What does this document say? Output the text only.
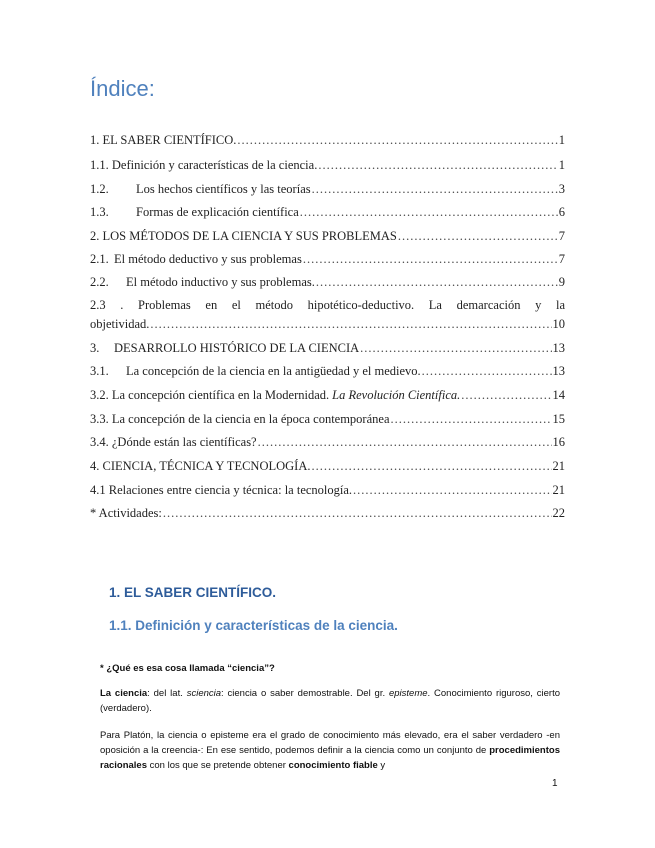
Índice:
1. EL SABER CIENTÍFICO. .....	1
1.1. Definición y características de la ciencia. .....	1
1.2.	Los hechos científicos y las teorías .....	3
1.3.	Formas de explicación científica .....	6
2. LOS MÉTODOS DE LA CIENCIA Y SUS PROBLEMAS .....	7
2.1. El método deductivo y sus problemas .....	7
2.2.	El método inductivo y sus problemas. .....	9
2.3 . Problemas en el método hipotético-deductivo. La demarcación y la
objetividad. .....	10
3.	DESARROLLO HISTÓRICO DE LA CIENCIA .....	13
3.1.	La concepción de la ciencia en la antigüedad y el medievo. .....	13
3.2. La concepción científica en la Modernidad. La Revolución Científica. .....	14
3.3. La concepción de la ciencia en la época contemporánea .....	15
3.4. ¿Dónde están las científicas? .....	16
4. CIENCIA, TÉCNICA Y TECNOLOGÍA. .....	21
4.1 Relaciones entre ciencia y técnica: la tecnología. .....	21
* Actividades: .....	22
1. EL SABER CIENTÍFICO.
1.1. Definición y características de la ciencia.
* ¿Qué es esa cosa llamada “ciencia”?
La ciencia: del lat. sciencia: ciencia o saber demostrable. Del gr. episteme. Conocimiento riguroso, cierto (verdadero).
Para Platón, la ciencia o episteme era el grado de conocimiento más elevado, era el saber verdadero -en oposición a la creencia-: En ese sentido, podemos definir a la ciencia como un conjunto de procedimientos racionales con los que se pretende obtener conocimiento fiable y
1
